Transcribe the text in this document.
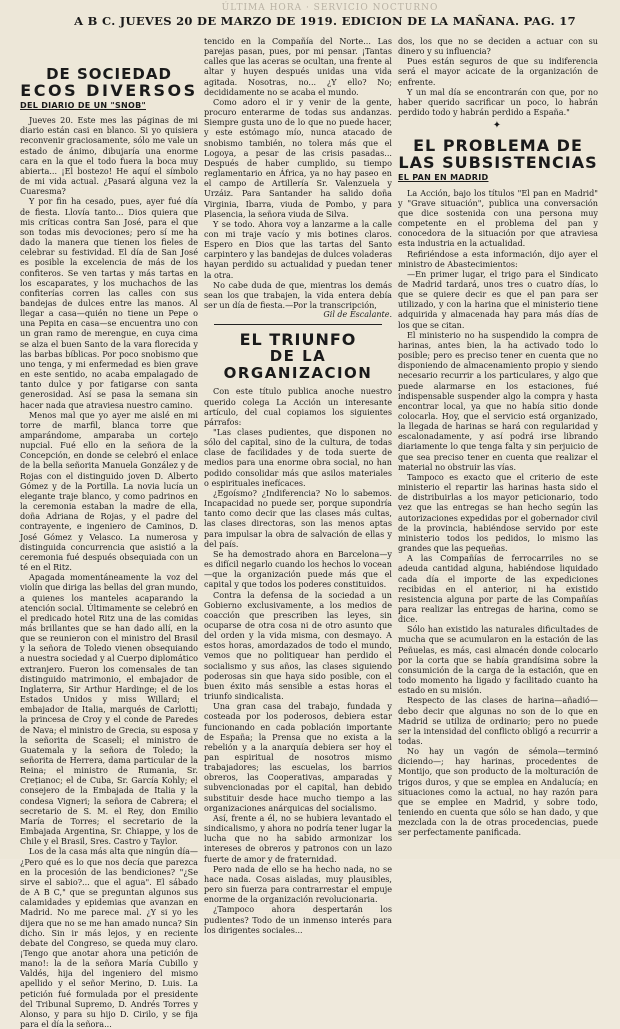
ÚLTIMA HORA · SERVICIO NOCTURNO
A B C. JUEVES 20 DE MARZO DE 1919. EDICION DE LA MAÑANA. PAG. 17
DE SOCIEDAD
ECOS DIVERSOS
DEL DIARIO DE UN "SNOB"

Jueves 20. Este mes las páginas de mi diario están casi en blanco. Si yo quisiera reconvenir graciosamente, sólo me vale un estado de ánimo, dibujaría una enorme cara en la que el todo fuera la boca muy abierta... ¡El bostezo! He aquí el símbolo de mi vida actual. ¿Pasará alguna vez la Cuaresma?

Y por fin ha cesado, pues, ayer fué día de fiesta. Llovía tanto... Dios quiera que mis críticas contra San José, para el que son todas mis devociones; pero sí me ha dado la manera que tienen los fieles de celebrar su festividad. El día de San José es posible la excelencia de más de los confiteros. Se ven tartas y más tartas en los escaparates, y los muchachos de las confiterías corren las calles con sus bandejas de dulces entre las manos. Al llegar a casa—quién no tiene un Pepe o una Pepita en casa—se encuentra uno con un gran ramo de merengue, en cuya cima se alza el buen Santo de la vara florecida y las barbas bíblicas. Por poco snobismo que uno tenga, y mi enfermedad es bien grave en este sentido, no acaba empalagado de tanto dulce y por fatigarse con santa generosidad. Así se pasa la semana sin hacer nada que atraviesa nuestro camino.

Menos mal que yo ayer me aislé en mi torre de marfil, blanca torre que amparándome, amparaba un cortejo nupcial. Fué ello en la señora de la Concepción, en donde se celebró el enlace de la bella señorita Manuela González y de Rojas con el distinguido joven D. Alberto Gómez y de la Portilla. La novia lucía un elegante traje blanco, y como padrinos en la ceremonia estaban la madre de ella, doña Adriana de Rojas, y el padre del contrayente, e ingeniero de Caminos, D. José Gómez y Velasco. La numerosa y distinguida concurrencia que asistió a la ceremonia fué después obsequiada con un té en el Ritz.

Apagada momentáneamente la voz del violín que diriga las bellas del gran mundo, a quienes los manteles acaparando la atención social. Últimamente se celebró en el predicado hotel Ritz una de las comidas más brillantes que se han dado allí, en la que se reunieron con el ministro del Brasil y la señora de Toledo vienen obsequiando a nuestra sociedad y al Cuerpo diplomático extranjero. Fueron los comensales de tan distinguido matrimonio, el embajador de Inglaterra, Sir Arthur Hardinge; el de los Estados Unidos y miss Willard; el embajador de Italia, marqués de Carlotti; la princesa de Croy y el conde de Paredes de Nava; el ministro de Grecia, su esposa y la señorita de Scaseli; el ministro de Guatemala y la señora de Toledo; la señorita de Herrera, dama particular de la Reina; el ministro de Rumania, Sr. Crețianoc; el de Cuba, Sr. García Kohly; el consejero de la Embajada de Italia y la condesa Vigneri; la señora de Cabrera; el secretario de S. M. el Rey, don Emilio María de Torres; el secretario de la Embajada Argentina, Sr. Chiappe, y los de Chile y el Brasil, Sres. Castro y Taylor.

Los de la casa más alta que ningún día—¿Pero qué es lo que nos decía que parezca en la procesión de las bendiciones? "¿Se sirve el sabio?... que el agua". El sábado de A B C," que se preguntan algunos sus calamidades y epidemias que avanzan en Madrid. No me parece mal. ¿Y si yo les dijera que no se me han amado nunca? Sin dicho. Sin ir más lejos, y en reciente debate del Congreso, se queda muy claro. ¡Tengo que anotar ahora una petición de mano!: la de la señora María Cubillo y Valdés, hija del ingeniero del mismo apellido y el señor Merino, D. Luis. La petición fué formulada por el presidente del Tribunal Supremo, D. Andrés Torres y Alonso, y para su hijo D. Cirilo, y se fija para el día la señora...

tencido en la Compañía del Norte... Las parejas pasan, pues, por mi pensar. ¡Tantas calles que las aceras se ocultan, una frente al altar y huyen después unidas una vida agitada. Nosotras, no... ¿Y ello? No; decididamente no se acaba el mundo.

Como adoro el ir y venir de la gente, procuro enterarme de todas sus andanzas. Siempre gusta uno de lo que no puede hacer, y este estómago mío, nunca atacado de snobismo también, no tolera más que el Logoya, a pesar de las crisis pasadas... Después de haber cumplido, su tiempo reglamentario en África, ya no hay paseo en el campo de Artillería Sr. Valenzuela y Urzáiz. Para Santander ha salido doña Virginia, Ibarra, viuda de Pombo, y para Plasencia, la señora viuda de Silva.

Y se todo. Ahora voy a lanzarme a la calle con mi traje vacío y mis botines claros. Espero en Dios que las tartas del Santo carpintero y las bandejas de dulces voladeras hayan perdido su actualidad y puedan tener la otra.

No cabe duda de que, mientras los demás sean los que trabajen, la vida entera debía ser un día de fiesta.—Por la transcripción,

Gil de Escalante.

EL TRIUNFO
DE LA ORGANIZACION

Con este título publica anoche nuestro querido colega La Acción un interesante artículo, del cual copiamos los siguientes párrafos:

"Las clases pudientes, que disponen no sólo del capital, sino de la cultura, de todas clase de facilidades y de toda suerte de medios para una enorme obra social, no han podido consolidar más que asilos materiales o espirituales inefícaces.

¿Egoísmo? ¿Indiferencia? No lo sabemos. Incapacidad no puede ser, porque supondría tanto como decir que las clases más cultas, las clases directoras, son las menos aptas para impulsar la obra de salvación de ellas y del país.

Se ha demostrado ahora en Barcelona—y es difícil negarlo cuando los hechos lo vocean—que la organización puede más que el capital y que todos los poderes constituidos.

Contra la defensa de la sociedad a un Gobierno exclusivamente, a los medios de coacción que prescriben las leyes, sin ocuparse de otra cosa ni de otro asunto que del orden y la vida misma, con desmayo. A estos horas, amordazados de todo el mundo, vemos que no politiquear han perdido el socialismo y sus años, las clases siguiendo poderosas sin que haya sido posible, con el buen éxito más sensible a estas horas el triunfo sindicalista.

Una gran casa del trabajo, fundada y costeada por los poderosos, debiera estar funcionando en cada población importante de España; la Prensa que no exista a la rebelión y a la anarquía debiera ser hoy el pan espiritual de nosotros mismo trabajadores; las escuelas, los barrios obreros, las Cooperativas, amparadas y subvencionadas por el capital, han debido substituir desde hace mucho tiempo a las organizaciones anárquicas del socialismo.

Así, frente a él, no se hubiera levantado el sindicalismo, y ahora no podría tener lugar la lucha que no ha sabido armonizar los intereses de obreros y patronos con un lazo fuerte de amor y de fraternidad.

Pero nada de ello se ha hecho nada, no se hace nada. Cosas aisladas, muy plausibles, pero sin fuerza para contrarrestar el empuje enorme de la organización revolucionaria.

¿Tampoco ahora despertarán los pudientes? Todo de un inmenso interés para los dirigentes sociales...

dos, los que no se deciden a actuar con su dinero y su influencia?

Pues están seguros de que su indiferencia será el mayor acicate de la organización de enfrente.

Y un mal día se encontrarán con que, por no haber querido sacrificar un poco, lo habrán perdido todo y habrán perdido a España."

✦
EL PROBLEMA DE
LAS SUBSISTENCIAS
EL PAN EN MADRID

La Acción, bajo los títulos "El pan en Madrid" y "Grave situación", publica una conversación que dice sostenida con una persona muy competente en el problema del pan y conocedora de la situación por que atraviesa esta industria en la actualidad.

Refiriéndose a esta información, dijo ayer el ministro de Abastecimientos:

—En primer lugar, el trigo para el Sindicato de Madrid tardará, unos tres o cuatro días, lo que se quiere decir es que el pan para ser utilizado, y con la harina que el ministerio tiene adquirida y almacenada hay para más días de los que se citan.

El ministerio no ha suspendido la compra de harinas, antes bien, la ha activado todo lo posible; pero es preciso tener en cuenta que no disponiendo de almacenamiento propio y siendo necesario recurrir a los particulares, y algo que puede alarmarse en los estaciones, fué indispensable suspender algo la compra y hasta encontrar local, ya que no había sitio donde colocarla. Hoy, que el servicio está organizado, la llegada de harinas se hará con regularidad y escalonadamente, y así podrá irse librando diariamente lo que tenga falta y sin perjuicio de que sea preciso tener en cuenta que realizar el material no obstruir las vías.

Tampoco es exacto que el criterio de este ministerio el repartir las harinas hasta sido el de distribuirlas a los mayor peticionario, todo vez que las entregas se han hecho según las autorizaciones expedidas por el gobernador civil de la provincia, habiéndose servido por este ministerio todos los pedidos, lo mismo las grandes que las pequeñas.

A las Compañías de ferrocarriles no se adeuda cantidad alguna, habiéndose liquidado cada día el importe de las expediciones recibidas en el anterior, ni ha existido resistencia alguna por parte de las Compañías para realizar las entregas de harina, como se dice.

Sólo han existido las naturales dificultades de mucha que se acumularon en la estación de las Peñuelas, es más, casi almacén donde colocarlo por la corta que se había grandísima sobre la consumición de la carga de la estación, que en todo momento ha ligado y facilitado cuanto ha estado en su misión.

Respecto de las clases de harina—añadió—debo decir que algunas no son de lo que en Madrid se utiliza de ordinario; pero no puede ser la intensidad del conflicto obligó a recurrir a todas.

No hay un vagón de sémola—terminó diciendo—; hay harinas, procedentes de Montijo, que son producto de la molturación de trigos duros, y que se emplea en Andalucía; en situaciones como la actual, no hay razón para que se emplee en Madrid, y sobre todo, teniendo en cuenta que sólo se han dado, y que mezclada con la de otras procedencias, puede ser perfectamente panificada.
